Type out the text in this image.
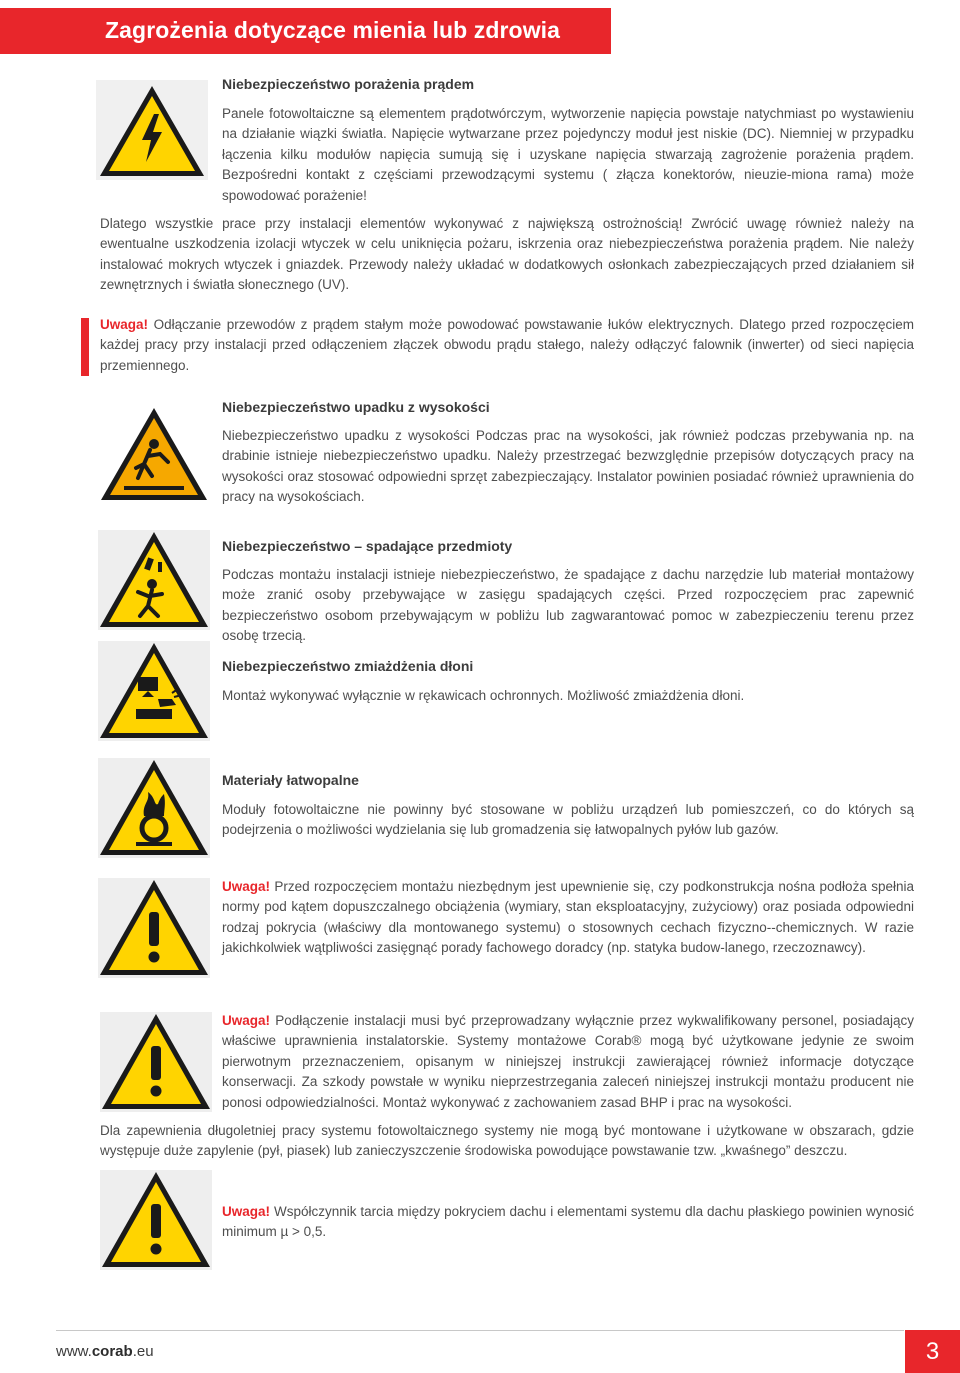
Zagrożenia dotyczące mienia lub zdrowia
Niebezpieczeństwo porażenia prądem

Panele fotowoltaiczne są elementem prądotwórczym, wytworzenie napięcia powstaje natychmiast po wystawieniu na działanie wiązki światła. Napięcie wytwarzane przez pojedynczy moduł jest niskie (DC). Niemniej w przypadku łączenia kilku modułów napięcia sumują się i uzyskane napięcia stwarzają zagrożenie porażenia prądem. Bezpośredni kontakt z częściami przewodzącymi systemu ( złącza konektorów, nieuzie-miona rama) może spowodować porażenie!

Dlatego wszystkie prace przy instalacji elementów wykonywać z największą ostrożnością! Zwrócić uwagę również należy na ewentualne uszkodzenia izolacji wtyczek w celu uniknięcia pożaru, iskrzenia oraz niebezpieczeństwa porażenia prądem. Nie należy instalować mokrych wtyczek i gniazdek. Przewody należy układać w dodatkowych osłonkach zabezpieczających przed działaniem sił zewnętrznych i światła słonecznego (UV).

Uwaga! Odłączanie przewodów z prądem stałym może powodować powstawanie łuków elektrycznych. Dlatego przed rozpoczęciem każdej pracy przy instalacji przed odłączeniem złączek obwodu prądu stałego, należy odłączyć falownik (inwerter) od sieci napięcia przemiennego.

Niebezpieczeństwo upadku z wysokości

Niebezpieczeństwo upadku z wysokości Podczas prac na wysokości, jak również podczas przebywania np. na drabinie istnieje niebezpieczeństwo upadku. Należy przestrzegać bezwzględnie przepisów dotyczących pracy na wysokości oraz stosować odpowiedni sprzęt zabezpieczający. Instalator powinien posiadać również uprawnienia do pracy na wysokościach.

Niebezpieczeństwo – spadające przedmioty

Podczas montażu instalacji istnieje niebezpieczeństwo, że spadające z dachu narzędzie lub materiał montażowy może zranić osoby przebywające w zasięgu spadających części. Przed rozpoczęciem prac zapewnić bezpieczeństwo osobom przebywającym w pobliżu lub zagwarantować pomoc w zabezpieczeniu terenu przez osobę trzecią.

Niebezpieczeństwo zmiażdżenia dłoni

Montaż wykonywać wyłącznie w rękawicach ochronnych. Możliwość zmiażdżenia dłoni.

Materiały łatwopalne

Moduły fotowoltaiczne nie powinny być stosowane w pobliżu urządzeń lub pomieszczeń, co do których są podejrzenia o możliwości wydzielania się lub gromadzenia się łatwopalnych pyłów lub gazów.

Uwaga! Przed rozpoczęciem montażu niezbędnym jest upewnienie się, czy podkonstrukcja nośna podłoża spełnia normy pod kątem dopuszczalnego obciążenia (wymiary, stan eksploatacyjny, zużyciowy) oraz posiada odpowiedni rodzaj pokrycia (właściwy dla montowanego systemu) o stosownych cechach fizyczno--chemicznych. W razie jakichkolwiek wątpliwości zasięgnąć porady fachowego doradcy (np. statyka budow-lanego, rzeczoznawcy).

Uwaga! Podłączenie instalacji musi być przeprowadzany wyłącznie przez wykwalifikowany personel, posiadający właściwe uprawnienia instalatorskie. Systemy montażowe Corab® mogą być użytkowane jedynie ze swoim pierwotnym przeznaczeniem, opisanym w niniejszej instrukcji zawierającej również informacje dotyczące konserwacji. Za szkody powstałe w wyniku nieprzestrzegania zaleceń niniejszej instrukcji montażu producent nie ponosi odpowiedzialności. Montaż wykonywać z zachowaniem zasad BHP i prac na wysokości.

Dla zapewnienia długoletniej pracy systemu fotowoltaicznego systemy nie mogą być montowane i użytkowane w obszarach, gdzie występuje duże zapylenie (pył, piasek) lub zanieczyszczenie środowiska powodujące powstawanie tzw. „kwaśnego” deszczu.

Uwaga! Współczynnik tarcia między pokryciem dachu i elementami systemu dla dachu płaskiego powinien wynosić minimum µ > 0,5.

www.corab.eu	3
